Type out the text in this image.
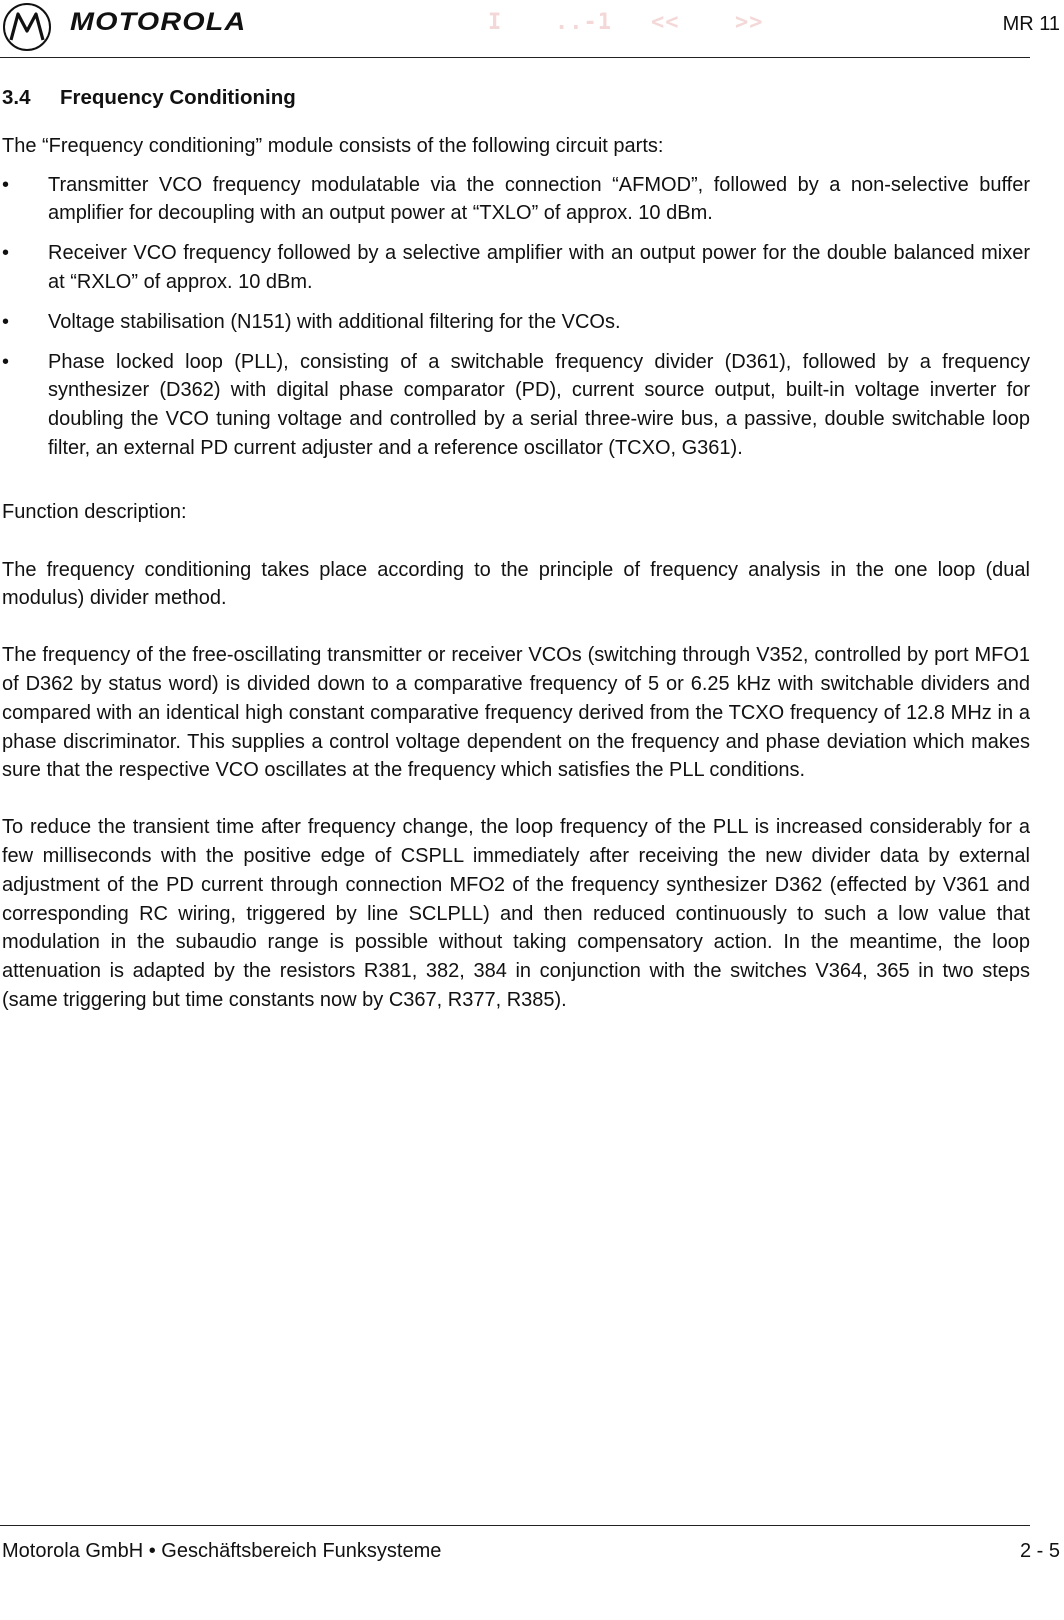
MOTOROLA	I ..-1 <<	>>	MR 11
3.4 Frequency Conditioning

The “Frequency conditioning” module consists of the following circuit parts:

•	Transmitter VCO frequency modulatable via the connection “AFMOD”, followed by a non-selective buffer amplifier for decoupling with an output power at “TXLO” of approx. 10 dBm.
•	Receiver VCO frequency followed by a selective amplifier with an output power for the double balanced mixer at “RXLO” of approx. 10 dBm.
•	Voltage stabilisation (N151) with additional filtering for the VCOs.
•	Phase locked loop (PLL), consisting of a switchable frequency divider (D361), followed by a frequency synthesizer (D362) with digital phase comparator (PD), current source output, built-in voltage inverter for doubling the VCO tuning voltage and controlled by a serial three-wire bus, a passive, double switchable loop filter, an external PD current adjuster and a reference oscillator (TCXO, G361).

Function description:

The frequency conditioning takes place according to the principle of frequency analysis in the one loop (dual modulus) divider method.

The frequency of the free-oscillating transmitter or receiver VCOs (switching through V352, controlled by port MFO1 of D362 by status word) is divided down to a comparative frequency of 5 or 6.25 kHz with switchable dividers and compared with an identical high constant comparative frequency derived from the TCXO frequency of 12.8 MHz in a phase discriminator. This supplies a control voltage dependent on the frequency and phase deviation which makes sure that the respective VCO oscillates at the frequency which satisfies the PLL conditions.

To reduce the transient time after frequency change, the loop frequency of the PLL is increased considerably for a few milliseconds with the positive edge of CSPLL immediately after receiving the new divider data by external adjustment of the PD current through connection MFO2 of the frequency synthesizer D362 (effected by V361 and corresponding RC wiring, triggered by line SCLPLL) and then reduced continuously to such a low value that modulation in the subaudio range is possible without taking compensatory action. In the meantime, the loop attenuation is adapted by the resistors R381, 382, 384 in conjunction with the switches V364, 365 in two steps (same triggering but time constants now by C367, R377, R385).

Motorola GmbH • Geschäftsbereich Funksysteme	2 - 5
